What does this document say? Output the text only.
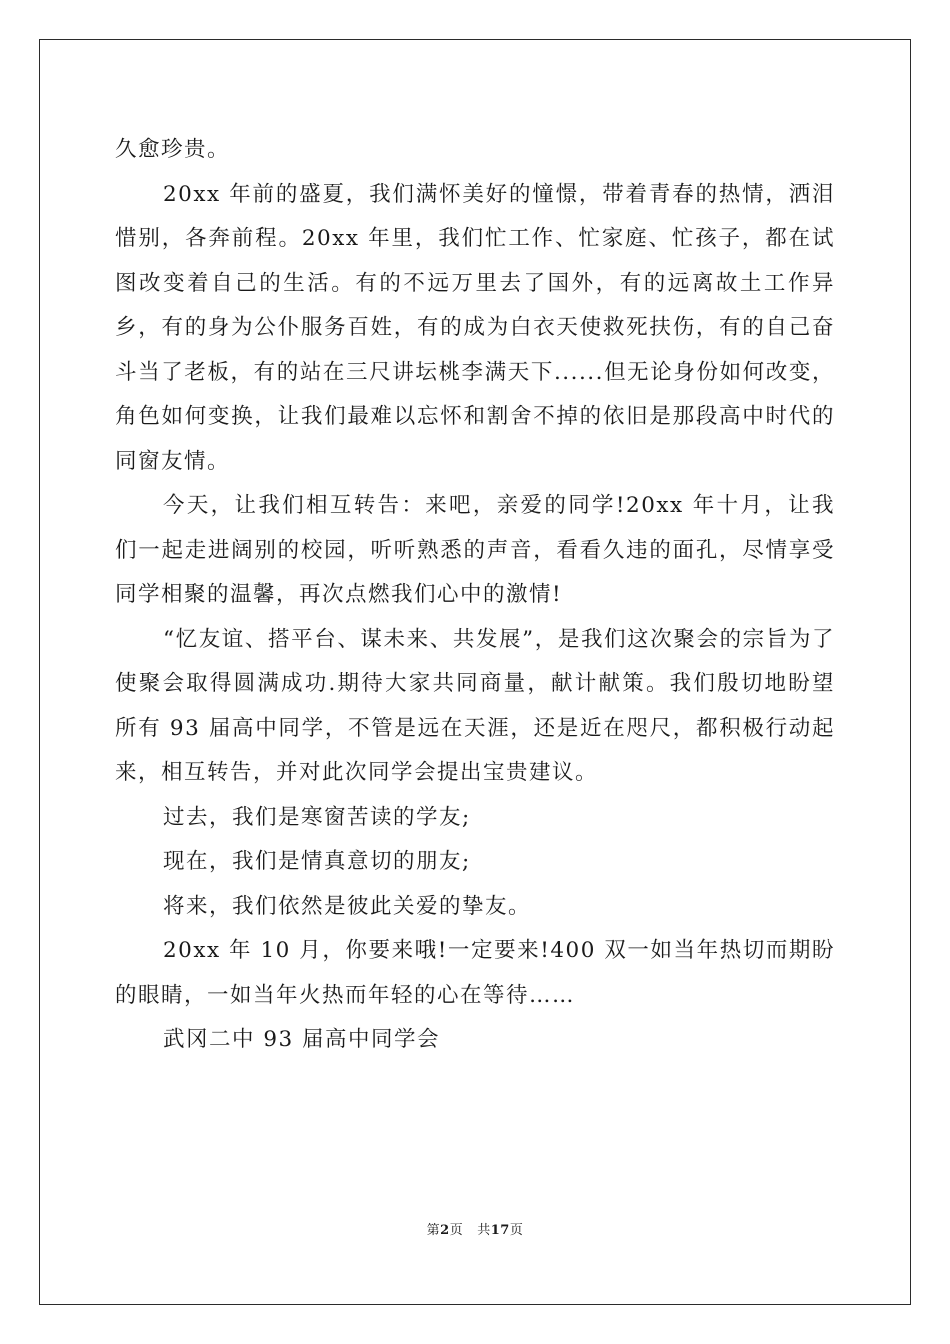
久愈珍贵。

20xx 年前的盛夏，我们满怀美好的憧憬，带着青春的热情，洒泪惜别，各奔前程。20xx 年里，我们忙工作、忙家庭、忙孩子，都在试图改变着自己的生活。有的不远万里去了国外，有的远离故土工作异乡，有的身为公仆服务百姓，有的成为白衣天使救死扶伤，有的自己奋斗当了老板，有的站在三尺讲坛桃李满天下......但无论身份如何改变，角色如何变换，让我们最难以忘怀和割舍不掉的依旧是那段高中时代的同窗友情。

今天，让我们相互转告：来吧，亲爱的同学!20xx 年十月，让我们一起走进阔别的校园，听听熟悉的声音，看看久违的面孔，尽情享受同学相聚的温馨，再次点燃我们心中的激情!

“忆友谊、搭平台、谋未来、共发展”，是我们这次聚会的宗旨为了使聚会取得圆满成功.期待大家共同商量，献计献策。我们殷切地盼望所有 93 届高中同学，不管是远在天涯，还是近在咫尺，都积极行动起来，相互转告，并对此次同学会提出宝贵建议。

过去，我们是寒窗苦读的学友;

现在，我们是情真意切的朋友;

将来，我们依然是彼此关爱的挚友。

20xx 年 10 月，你要来哦!一定要来!400 双一如当年热切而期盼的眼睛，一如当年火热而年轻的心在等待……

武冈二中 93 届高中同学会

第2页 共17页
